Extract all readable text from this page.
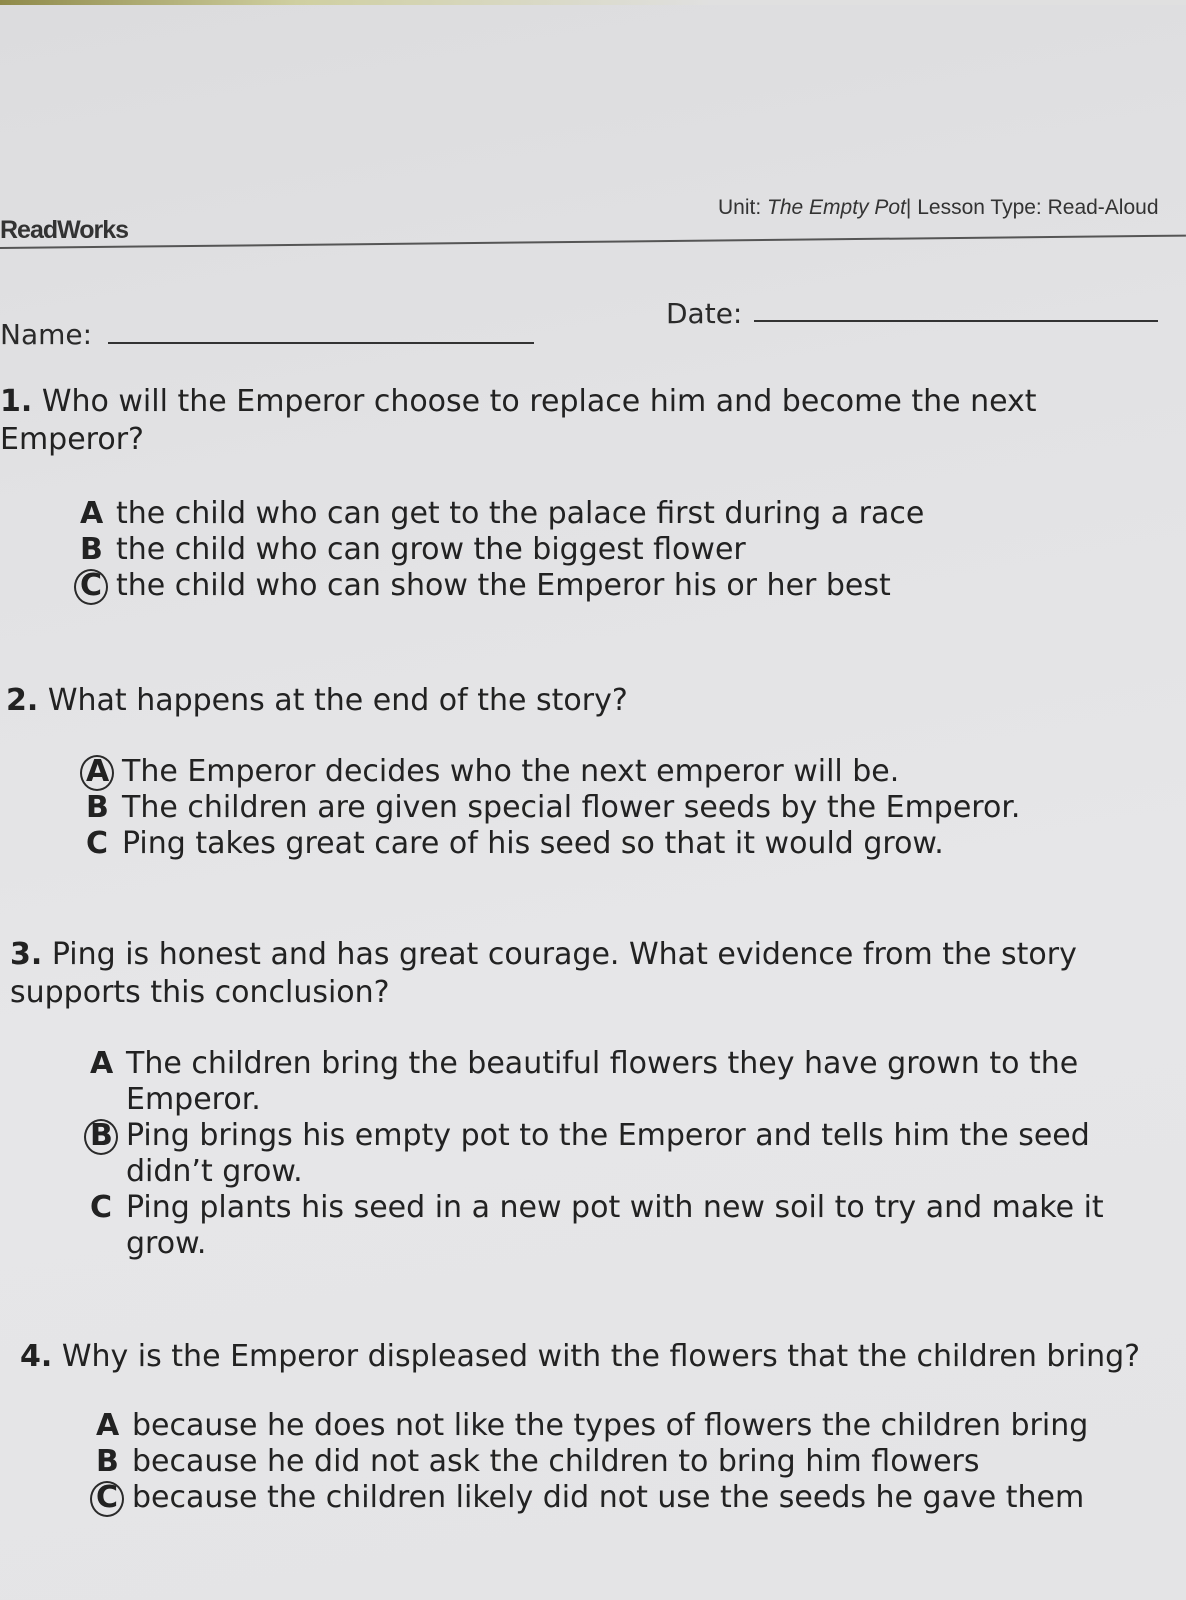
ReadWorks
Unit: The Empty Pot| Lesson Type: Read-Aloud
Name:
Date:
1. Who will the Emperor choose to replace him and become the next Emperor?
A the child who can get to the palace first during a race
B the child who can grow the biggest flower
C the child who can show the Emperor his or her best
2. What happens at the end of the story?
A The Emperor decides who the next emperor will be.
B The children are given special flower seeds by the Emperor.
C Ping takes great care of his seed so that it would grow.
3. Ping is honest and has great courage. What evidence from the story supports this conclusion?
A The children bring the beautiful flowers they have grown to the Emperor.
B Ping brings his empty pot to the Emperor and tells him the seed didn’t grow.
C Ping plants his seed in a new pot with new soil to try and make it grow.
4. Why is the Emperor displeased with the flowers that the children bring?
A because he does not like the types of flowers the children bring
B because he did not ask the children to bring him flowers
C because the children likely did not use the seeds he gave them
